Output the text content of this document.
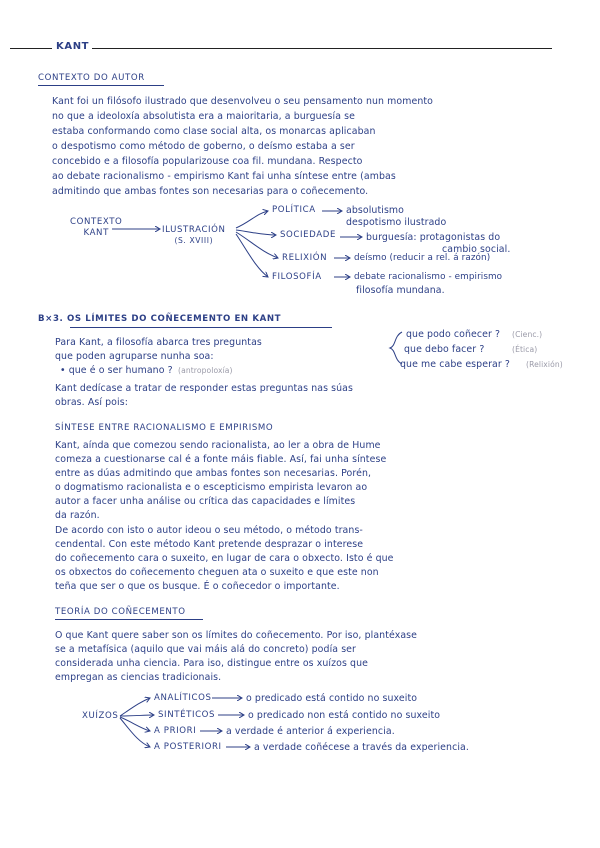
KANT
CONTEXTO DO AUTOR
Kant foi un filósofo ilustrado que desenvolveu o seu pensamento nun momento
no que a ideoloxía absolutista era a maioritaria, a burguesía se
estaba conformando como clase social alta, os monarcas aplicaban
o despotismo como método de goberno, o deísmo estaba a ser
concebido e a filosofía popularizouse coa fil. mundana. Respecto
ao debate racionalismo - empirismo Kant fai unha síntese entre (ambas
admitindo que ambas fontes son necesarias para o coñecemento.
CONTEXTO
KANT	ILUSTRACIÓN
(S. XVIII)
POLÍTICA	absolutismo
despotismo ilustrado
SOCIEDADE	burguesía: protagonistas do
cambio social.
RELIXIÓN	deísmo (reducir a rel. á razón)
FILOSOFÍA	debate racionalismo - empirismo
filosofía mundana.
B×3. OS LÍMITES DO COÑECEMENTO EN KANT
Para Kant, a filosofía abarca tres preguntas
que poden agruparse nunha soa:
que podo coñecer ? (Cienc.)
que debo facer ?	(Ética)
que me cabe esperar ? (Relixión)
• que é o ser humano ? (antropoloxía)
Kant dedícase a tratar de responder estas preguntas nas súas
obras. Así pois:
SÍNTESE ENTRE RACIONALISMO E EMPIRISMO
Kant, aínda que comezou sendo racionalista, ao ler a obra de Hume
comeza a cuestionarse cal é a fonte máis fiable. Así, fai unha síntese
entre as dúas admitindo que ambas fontes son necesarias. Porén,
o dogmatismo racionalista e o escepticismo empirista levaron ao
autor a facer unha análise ou crítica das capacidades e límites
da razón.
De acordo con isto o autor ideou o seu método, o método trans-
cendental. Con este método Kant pretende desprazar o interese
do coñecemento cara o suxeito, en lugar de cara o obxecto. Isto é que
os obxectos do coñecemento cheguen ata o suxeito e que este non
teña que ser o que os busque. É o coñecedor o importante.
TEORÍA DO COÑECEMENTO
O que Kant quere saber son os límites do coñecemento. Por iso, plantéxase
se a metafísica (aquilo que vai máis alá do concreto) podía ser
considerada unha ciencia. Para iso, distingue entre os xuízos que
empregan as ciencias tradicionais.
XUÍZOS
ANALÍTICOS	o predicado está contido no suxeito
SINTÉTICOS	o predicado non está contido no suxeito
A PRIORI	a verdade é anterior á experiencia.
A POSTERIORI	a verdade coñécese a través da experiencia.
